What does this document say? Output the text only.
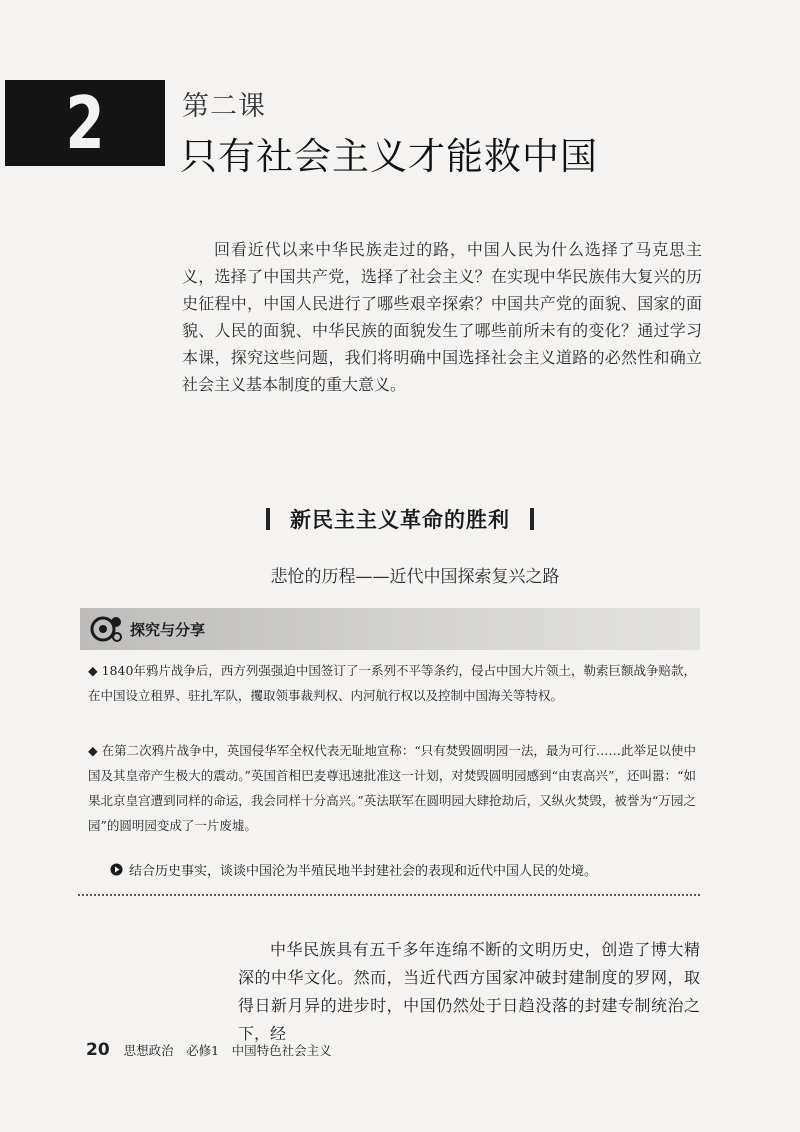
2	第二课
只有社会主义才能救中国

回看近代以来中华民族走过的路，中国人民为什么选择了马克思主义，选择了中国共产党，选择了社会主义？在实现中华民族伟大复兴的历史征程中，中国人民进行了哪些艰辛探索？中国共产党的面貌、国家的面貌、人民的面貌、中华民族的面貌发生了哪些前所未有的变化？通过学习本课，探究这些问题，我们将明确中国选择社会主义道路的必然性和确立社会主义基本制度的重大意义。

新民主主义革命的胜利
悲怆的历程——近代中国探索复兴之路
探究与分享

◆ 1840年鸦片战争后，西方列强强迫中国签订了一系列不平等条约，侵占中国大片领土，勒索巨额战争赔款，在中国设立租界、驻扎军队，攫取领事裁判权、内河航行权以及控制中国海关等特权。

◆ 在第二次鸦片战争中，英国侵华军全权代表无耻地宣称：“只有焚毁圆明园一法，最为可行……此举足以使中国及其皇帝产生极大的震动。”英国首相巴麦尊迅速批准这一计划，对焚毁圆明园感到“由衷高兴”，还叫嚣：“如果北京皇宫遭到同样的命运，我会同样十分高兴。”英法联军在圆明园大肆抢劫后，又纵火焚毁，被誉为“万园之园”的圆明园变成了一片废墟。

结合历史事实，谈谈中国沦为半殖民地半封建社会的表现和近代中国人民的处境。

中华民族具有五千多年连绵不断的文明历史，创造了博大精深的中华文化。然而，当近代西方国家冲破封建制度的罗网，取得日新月异的进步时，中国仍然处于日趋没落的封建专制统治之下，经

20 思想政治　必修1　中国特色社会主义
